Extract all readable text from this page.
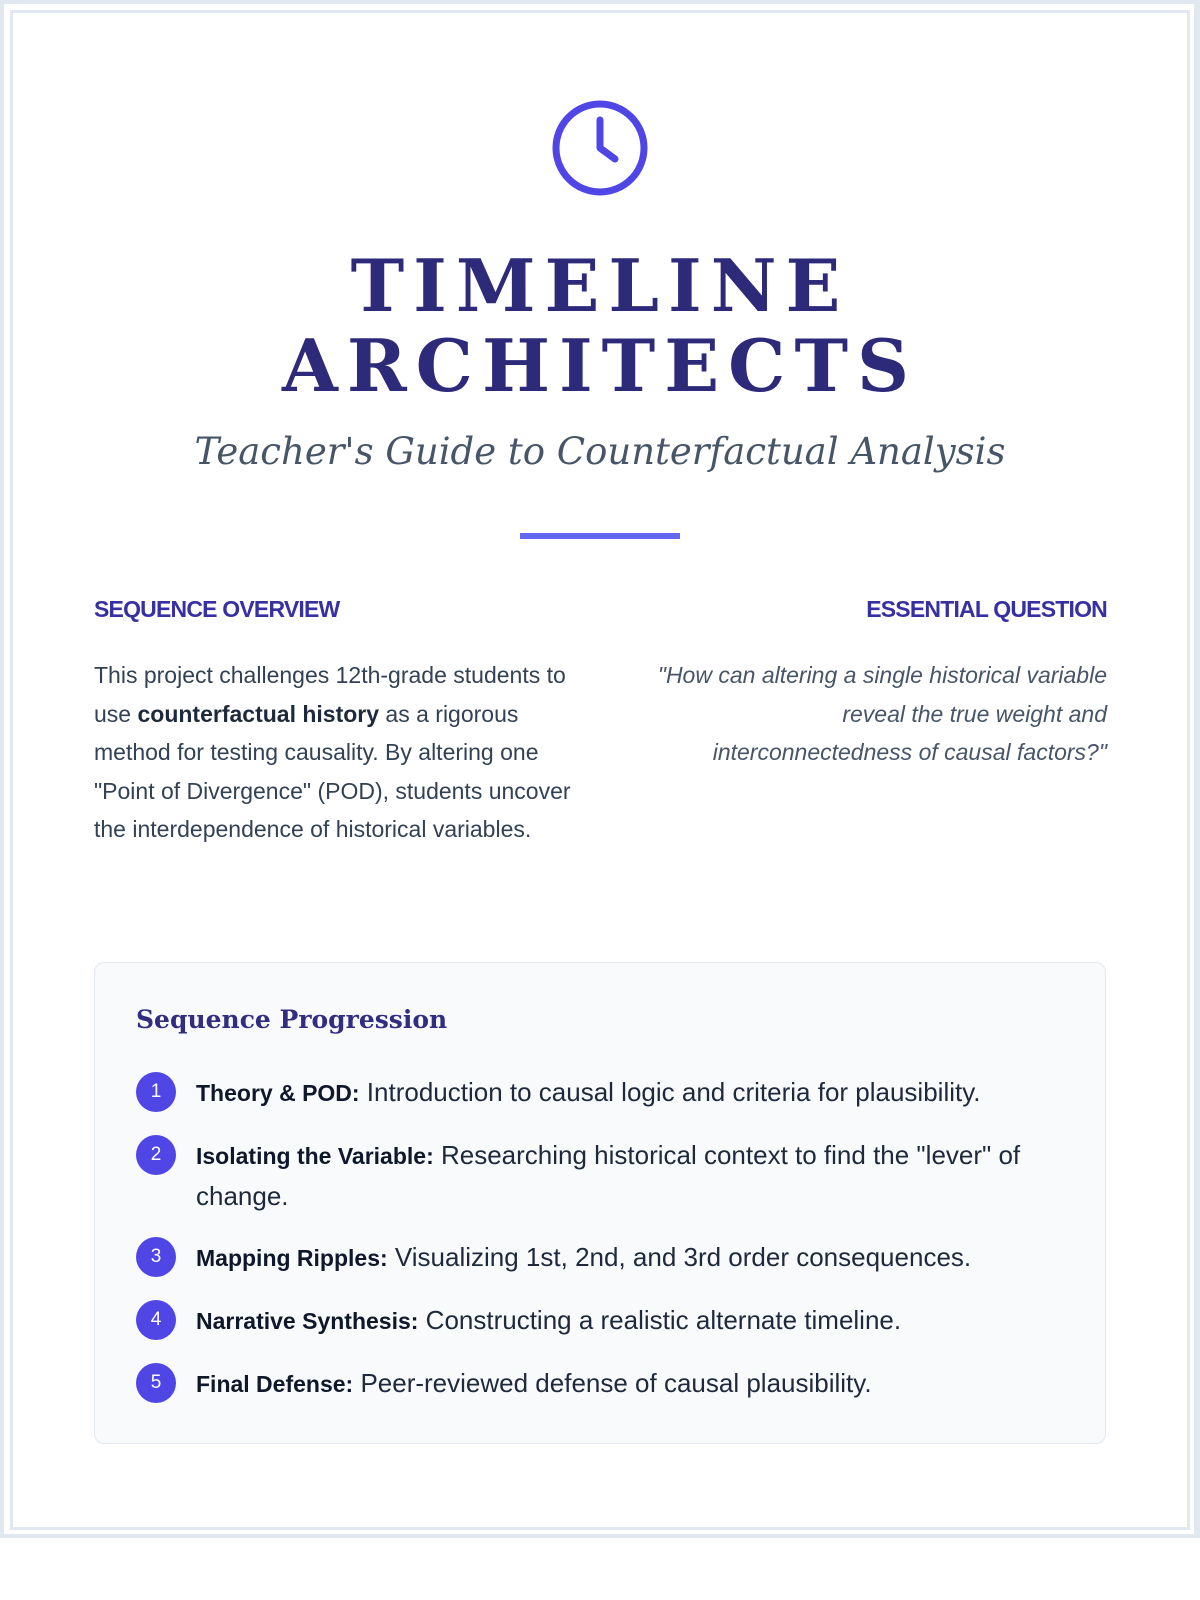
TIMELINE
ARCHITECTS
Teacher's Guide to Counterfactual Analysis
SEQUENCE OVERVIEW
This project challenges 12th-grade students to use counterfactual history as a rigorous method for testing causality. By altering one "Point of Divergence" (POD), students uncover the interdependence of historical variables.
ESSENTIAL QUESTION
"How can altering a single historical variable reveal the true weight and interconnectedness of causal factors?"
Sequence Progression
1	Theory & POD: Introduction to causal logic and criteria for plausibility.
2	Isolating the Variable: Researching historical context to find the "lever" of change.
3	Mapping Ripples: Visualizing 1st, 2nd, and 3rd order consequences.
4	Narrative Synthesis: Constructing a realistic alternate timeline.
5	Final Defense: Peer-reviewed defense of causal plausibility.
